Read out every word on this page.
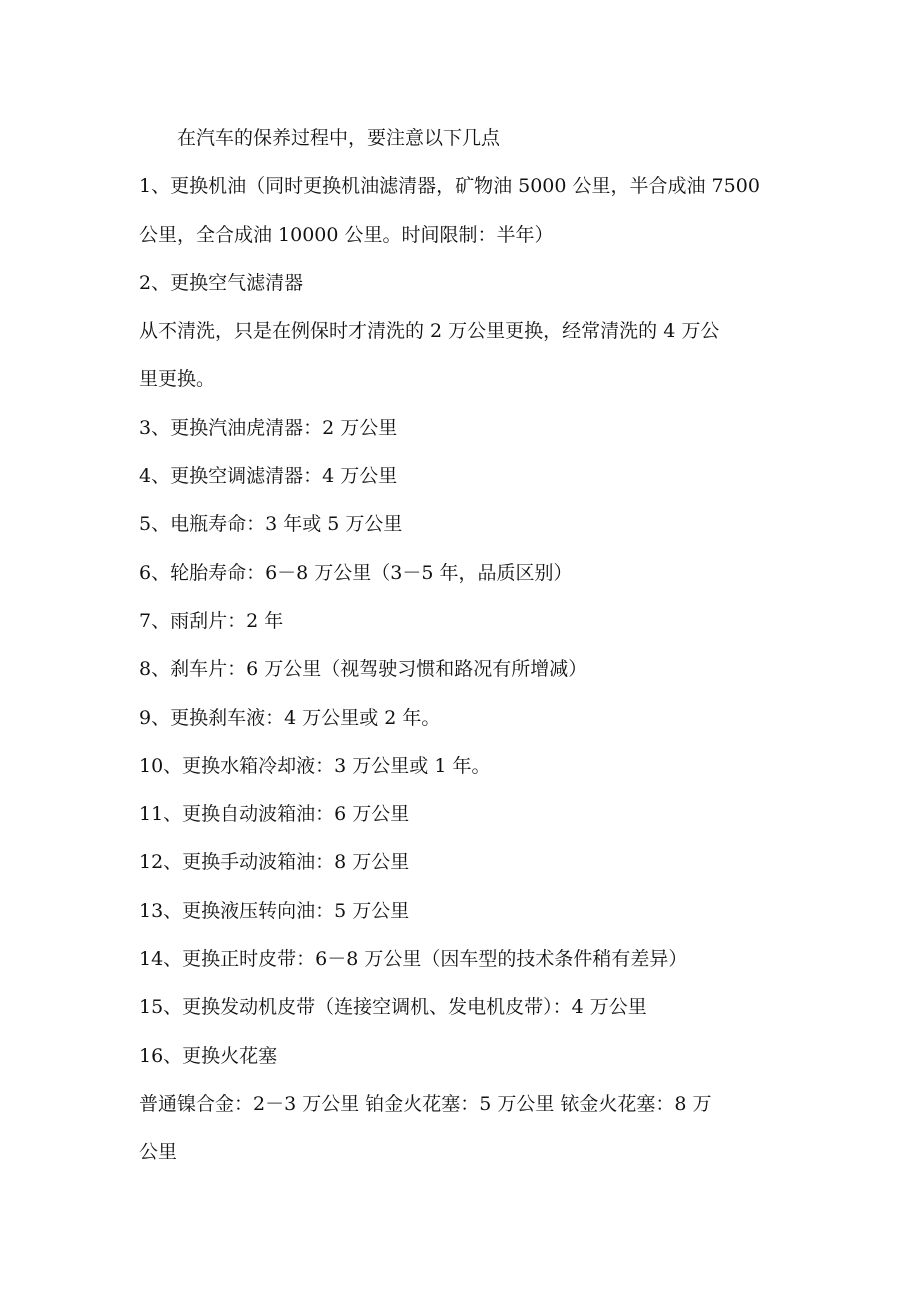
在汽车的保养过程中，要注意以下几点
1、更换机油（同时更换机油滤清器，矿物油 5000 公里，半合成油 7500
公里，全合成油 10000 公里。时间限制：半年）
2、更换空气滤清器
从不清洗，只是在例保时才清洗的 2 万公里更换，经常清洗的 4 万公
里更换。
3、更换汽油虎清器：2 万公里
4、更换空调滤清器：4 万公里
5、电瓶寿命：3 年或 5 万公里
6、轮胎寿命：6－8 万公里（3－5 年，品质区别）
7、雨刮片：2 年
8、刹车片：6 万公里（视驾驶习惯和路况有所增减）
9、更换刹车液：4 万公里或 2 年。
10、更换水箱冷却液：3 万公里或 1 年。
11、更换自动波箱油：6 万公里
12、更换手动波箱油：8 万公里
13、更换液压转向油：5 万公里
14、更换正时皮带：6－8 万公里（因车型的技术条件稍有差异）
15、更换发动机皮带（连接空调机、发电机皮带）：4 万公里
16、更换火花塞
普通镍合金：2－3 万公里 铂金火花塞：5 万公里 铱金火花塞：8 万
公里
